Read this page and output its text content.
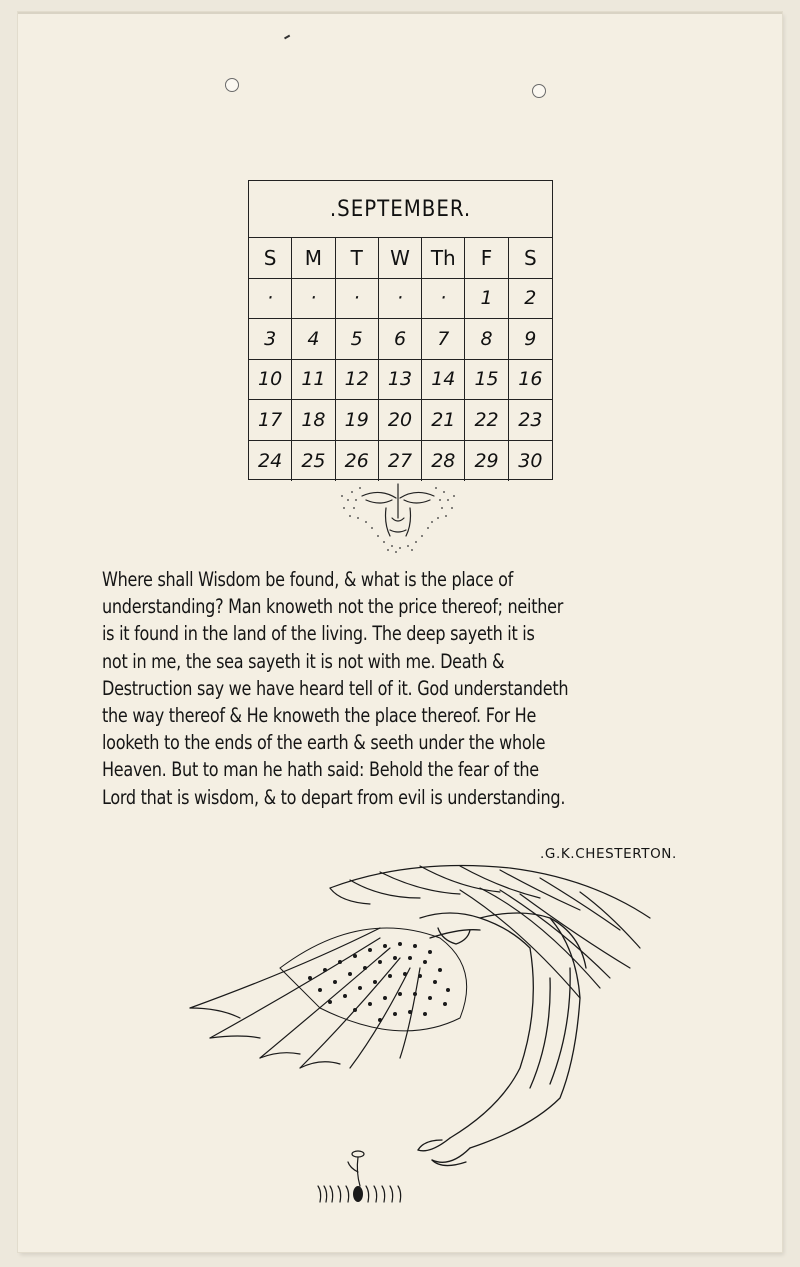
.SEPTEMBER.
S	M	T	W	Th	F	S
·	·	·	·	·	1	2
3	4	5	6	7	8	9
10	11	12	13	14	15	16
17	18	19	20	21	22	23
24	25	26	27	28	29	30
Where shall Wisdom be found, & what is the place of
understanding? Man knoweth not the price thereof; neither
is it found in the land of the living. The deep sayeth it is
not in me, the sea sayeth it is not with me. Death &
Destruction say we have heard tell of it. God understandeth
the way thereof & He knoweth the place thereof. For He
looketh to the ends of the earth & seeth under the whole
Heaven. But to man he hath said: Behold the fear of the
Lord that is wisdom, & to depart from evil is understanding.
.G.K.CHESTERTON.
